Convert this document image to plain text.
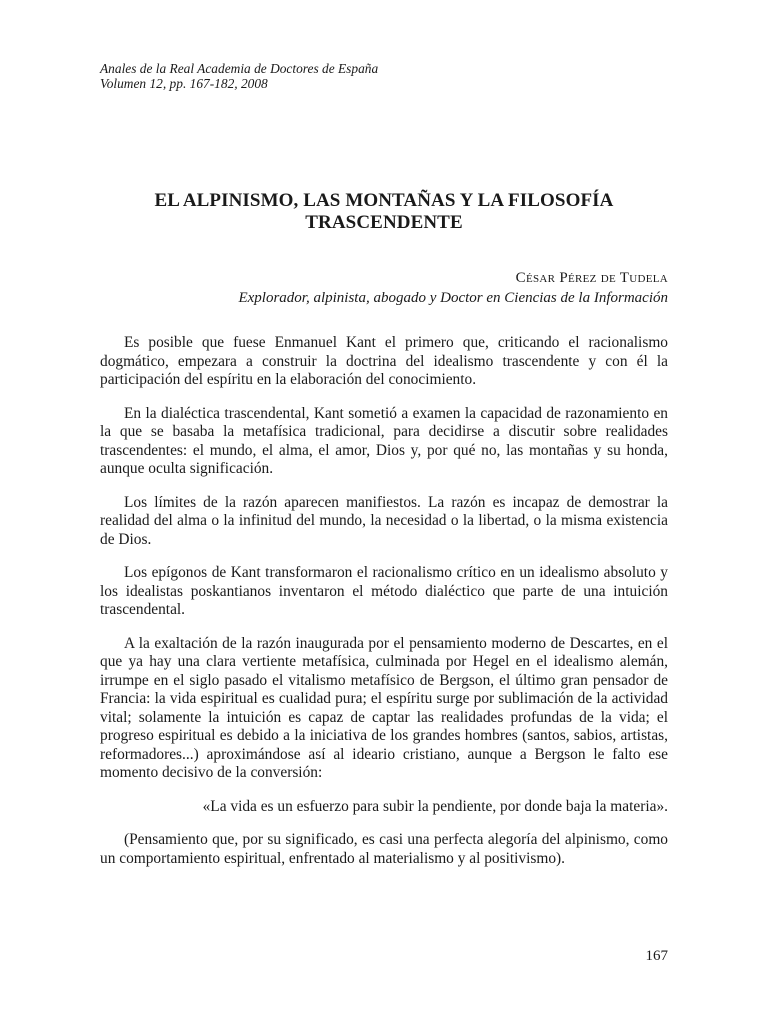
Anales de la Real Academia de Doctores de España
Volumen 12, pp. 167-182, 2008
EL ALPINISMO, LAS MONTAÑAS Y LA FILOSOFÍA
TRASCENDENTE
César Pérez de Tudela
Explorador, alpinista, abogado y Doctor en Ciencias de la Información

Es posible que fuese Enmanuel Kant el primero que, criticando el racionalismo dogmático, empezara a construir la doctrina del idealismo trascendente y con él la participación del espíritu en la elaboración del conocimiento.

En la dialéctica trascendental, Kant sometió a examen la capacidad de razonamiento en la que se basaba la metafísica tradicional, para decidirse a discutir sobre realidades trascendentes: el mundo, el alma, el amor, Dios y, por qué no, las montañas y su honda, aunque oculta significación.

Los límites de la razón aparecen manifiestos. La razón es incapaz de demostrar la realidad del alma o la infinitud del mundo, la necesidad o la libertad, o la misma existencia de Dios.

Los epígonos de Kant transformaron el racionalismo crítico en un idealismo absoluto y los idealistas poskantianos inventaron el método dialéctico que parte de una intuición trascendental.

A la exaltación de la razón inaugurada por el pensamiento moderno de Descartes, en el que ya hay una clara vertiente metafísica, culminada por Hegel en el idealismo alemán, irrumpe en el siglo pasado el vitalismo metafísico de Bergson, el último gran pensador de Francia: la vida espiritual es cualidad pura; el espíritu surge por sublimación de la actividad vital; solamente la intuición es capaz de captar las realidades profundas de la vida; el progreso espiritual es debido a la iniciativa de los grandes hombres (santos, sabios, artistas, reformadores...) aproximándose así al ideario cristiano, aunque a Bergson le falto ese momento decisivo de la conversión:

«La vida es un esfuerzo para subir la pendiente, por donde baja la materia».

(Pensamiento que, por su significado, es casi una perfecta alegoría del alpinismo, como un comportamiento espiritual, enfrentado al materialismo y al positivismo).

167
